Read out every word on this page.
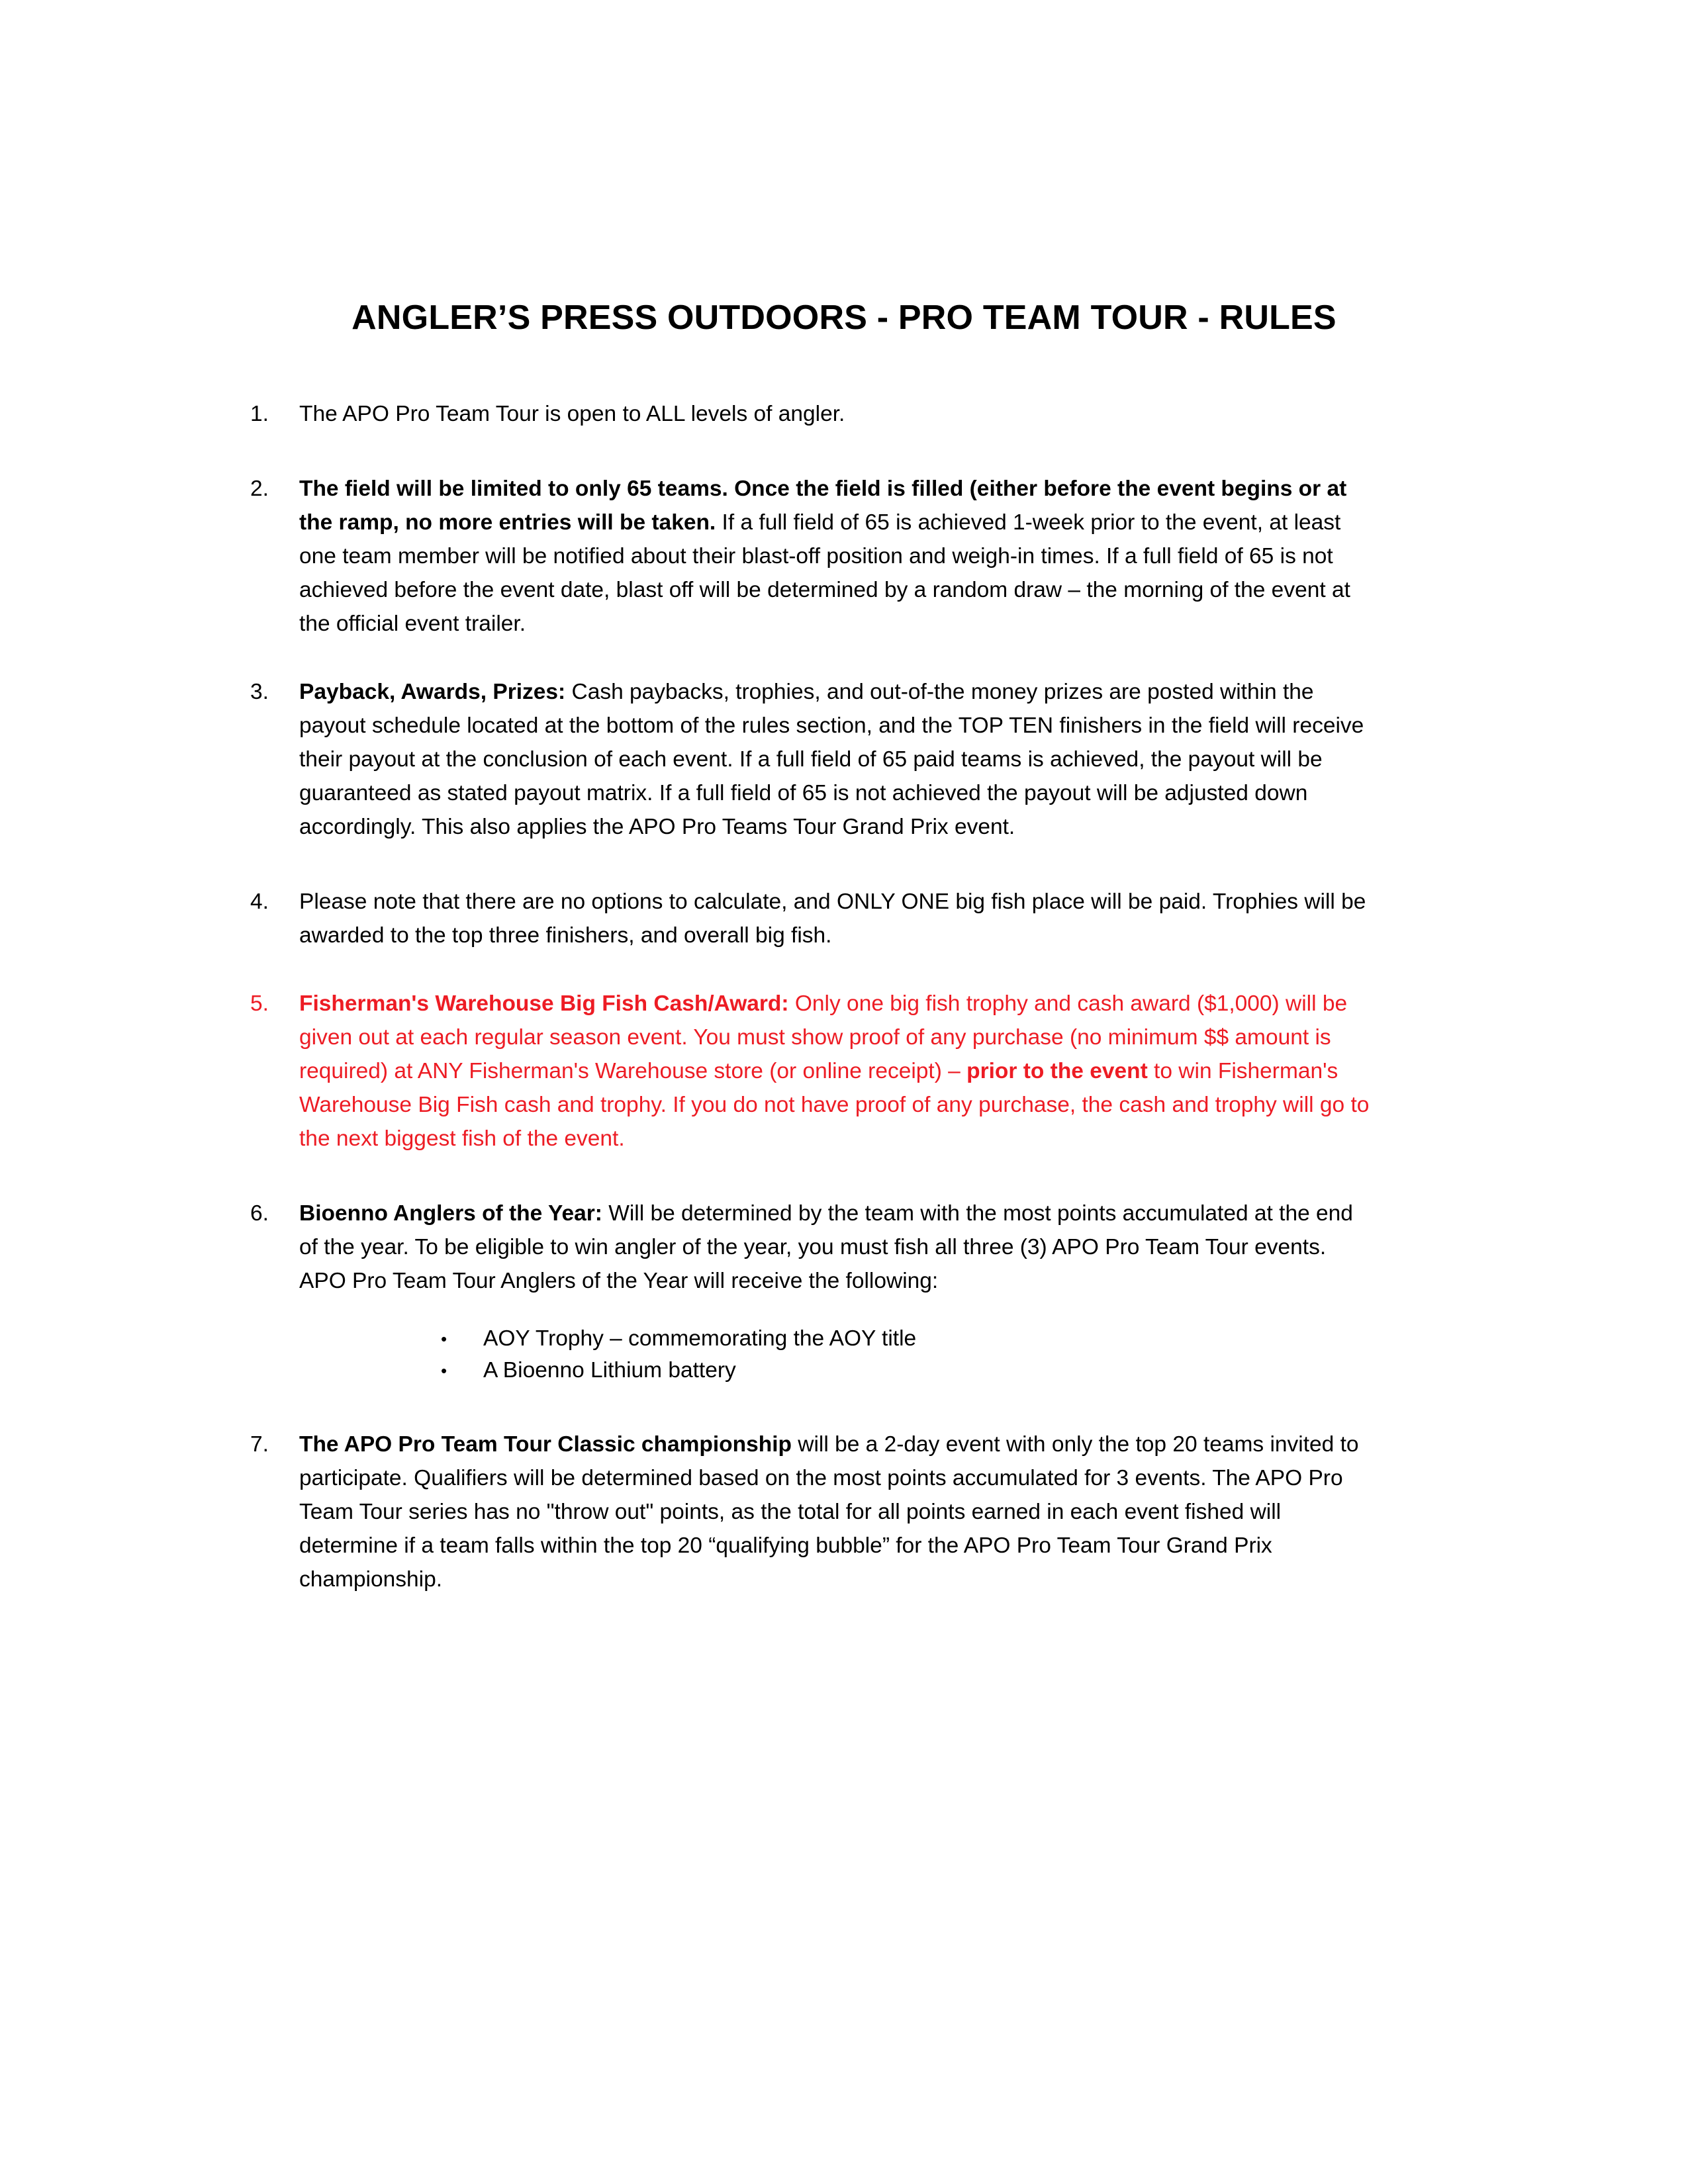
ANGLER’S PRESS OUTDOORS - PRO TEAM TOUR - RULES
1.	The APO Pro Team Tour is open to ALL levels of angler.
2.	The field will be limited to only 65 teams. Once the field is filled (either before the event begins or at the ramp, no more entries will be taken. If a full field of 65 is achieved 1-week prior to the event, at least one team member will be notified about their blast-off position and weigh-in times. If a full field of 65 is not achieved before the event date, blast off will be determined by a random draw – the morning of the event at the official event trailer.
3.	Payback, Awards, Prizes: Cash paybacks, trophies, and out-of-the money prizes are posted within the payout schedule located at the bottom of the rules section, and the TOP TEN finishers in the field will receive their payout at the conclusion of each event. If a full field of 65 paid teams is achieved, the payout will be guaranteed as stated payout matrix. If a full field of 65 is not achieved the payout will be adjusted down accordingly. This also applies the APO Pro Teams Tour Grand Prix event.
4.	Please note that there are no options to calculate, and ONLY ONE big fish place will be paid. Trophies will be awarded to the top three finishers, and overall big fish.
5.	Fisherman's Warehouse Big Fish Cash/Award: Only one big fish trophy and cash award ($1,000) will be given out at each regular season event. You must show proof of any purchase (no minimum $$ amount is required) at ANY Fisherman's Warehouse store (or online receipt) – prior to the event to win Fisherman's Warehouse Big Fish cash and trophy. If you do not have proof of any purchase, the cash and trophy will go to the next biggest fish of the event.
6.	Bioenno Anglers of the Year: Will be determined by the team with the most points accumulated at the end of the year. To be eligible to win angler of the year, you must fish all three (3) APO Pro Team Tour events. APO Pro Team Tour Anglers of the Year will receive the following:
• AOY Trophy – commemorating the AOY title
• A Bioenno Lithium battery
7.	The APO Pro Team Tour Classic championship will be a 2-day event with only the top 20 teams invited to participate. Qualifiers will be determined based on the most points accumulated for 3 events. The APO Pro Team Tour series has no "throw out" points, as the total for all points earned in each event fished will determine if a team falls within the top 20 “qualifying bubble” for the APO Pro Team Tour Grand Prix championship.
